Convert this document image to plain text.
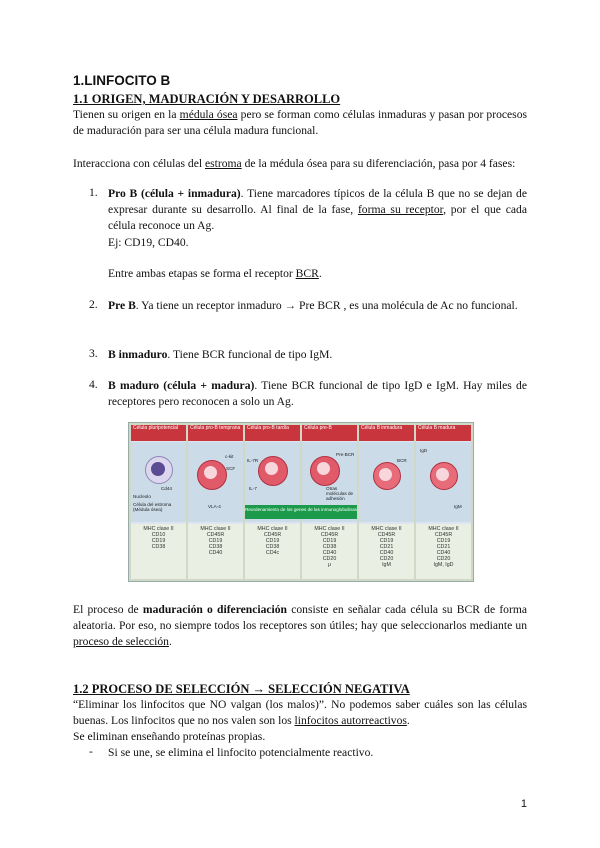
1.LINFOCITO B
1.1 ORIGEN, MADURACIÓN Y DESARROLLO
Tienen su origen en la médula ósea pero se forman como células inmaduras y pasan por procesos de maduración para ser una célula madura funcional.
Interacciona con células del estroma de la médula ósea para su diferenciación, pasa por 4 fases:
1. Pro B (célula + inmadura). Tiene marcadores típicos de la célula B que no se dejan de expresar durante su desarrollo. Al final de la fase, forma su receptor, por el que cada célula reconoce un Ag.
Ej: CD19, CD40.
Entre ambas etapas se forma el receptor BCR.
2. Pre B. Ya tiene un receptor inmaduro → Pre BCR , es una molécula de Ac no funcional.
3. B inmaduro. Tiene BCR funcional de tipo IgM.
4. B maduro (célula + madura). Tiene BCR funcional de tipo IgD e IgM. Hay miles de receptores pero reconocen a solo un Ag.
Célula pluripotencial
Cd44
Nucleolo
Célula del estroma (Médula ósea)
MHC clase II
CD10
CD19
CD38
Célula pro-B temprana
c-kit
SCF
VLA-4
MHC clase II
CD45R
CD19
CD38
CD40
Célula pro-B tardía
IL-7R
IL-7
MHC clase II
CD45R
CD19
CD38
CD4c
Célula pre-B
Pre-BCR
Otras moléculas de adhesión
MHC clase II
CD45R
CD19
CD38
CD40
CD20
μ
Célula B inmadura
BCR
MHC clase II
CD45R
CD19
CD21
CD40
CD20
IgM
Célula B madura
IgD
IgM
MHC clase II
CD45R
CD19
CD21
CD40
CD20
IgM, IgD
Reordenamiento de los genes de las inmunoglobulinas
El proceso de maduración o diferenciación consiste en señalar cada célula su BCR de forma aleatoria. Por eso, no siempre todos los receptores son útiles; hay que seleccionarlos mediante un proceso de selección.
1.2 PROCESO DE SELECCIÓN → SELECCIÓN NEGATIVA
“Eliminar los linfocitos que NO valgan (los malos)”. No podemos saber cuáles son las células buenas. Los linfocitos que no nos valen son los linfocitos autorreactivos.
Se eliminan enseñando proteínas propias.
- Si se une, se elimina el linfocito potencialmente reactivo.
1
